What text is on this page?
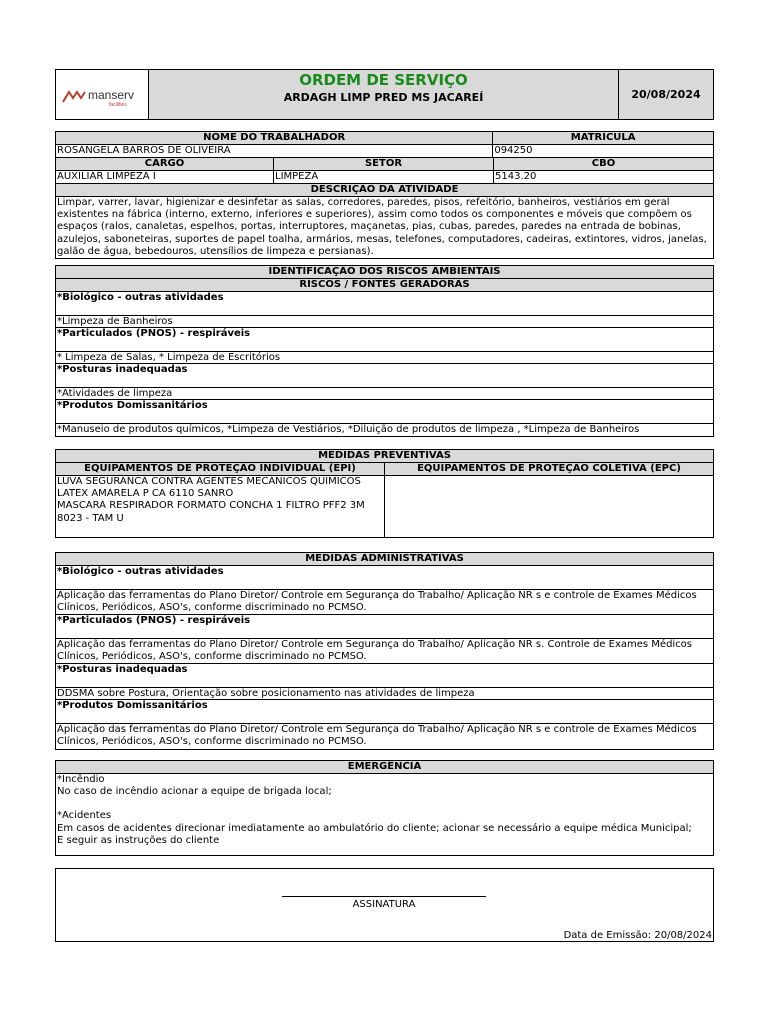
manserv
facilities
ORDEM DE SERVIÇO
ARDAGH LIMP PRED MS JACAREÍ	20/08/2024
NOME DO TRABALHADOR	MATRICULA
ROSANGELA BARROS DE OLIVEIRA	094250
CARGO	SETOR	CBO
AUXILIAR LIMPEZA I	LIMPEZA	5143.20
DESCRIÇÃO DA ATIVIDADE
Limpar, varrer, lavar, higienizar e desinfetar as salas, corredores, paredes, pisos, refeitório, banheiros, vestiários em geral existentes na fábrica (interno, externo, inferiores e superiores), assim como todos os componentes e móveis que compõem os espaços (ralos, canaletas, espelhos, portas, interruptores, maçanetas, pias, cubas, paredes, paredes na entrada de bobinas, azulejos, saboneteiras, suportes de papel toalha, armários, mesas, telefones, computadores, cadeiras, extintores, vidros, janelas, galão de água, bebedouros, utensílios de limpeza e persianas).
IDENTIFICAÇÃO DOS RISCOS AMBIENTAIS
RISCOS / FONTES GERADORAS
*Biológico - outras atividades
*Limpeza de Banheiros
*Particulados (PNOS) - respiráveis
* Limpeza de Salas, * Limpeza de Escritórios
*Posturas inadequadas
*Atividades de limpeza
*Produtos Domissanitários
*Manuseio de produtos químicos, *Limpeza de Vestiários, *Diluição de produtos de limpeza , *Limpeza de Banheiros
MEDIDAS PREVENTIVAS
EQUIPAMENTOS DE PROTEÇÃO INDIVIDUAL (EPI)	EQUIPAMENTOS DE PROTEÇÃO COLETIVA (EPC)
LUVA SEGURANCA CONTRA AGENTES MECANICOS QUIMICOS LATEX AMARELA P CA 6110 SANRO
MASCARA RESPIRADOR FORMATO CONCHA 1 FILTRO PFF2 3M 8023 - TAM U
MEDIDAS ADMINISTRATIVAS
*Biológico - outras atividades
Aplicação das ferramentas do Plano Diretor/ Controle em Segurança do Trabalho/ Aplicação NR s e controle de Exames Médicos Clínicos, Periódicos, ASO's, conforme discriminado no PCMSO.
*Particulados (PNOS) - respiráveis
Aplicação das ferramentas do Plano Diretor/ Controle em Segurança do Trabalho/ Aplicação NR s. Controle de Exames Médicos Clínicos, Periódicos, ASO's, conforme discriminado no PCMSO.
*Posturas inadequadas
DDSMA sobre Postura, Orientação sobre posicionamento nas atividades de limpeza
*Produtos Domissanitários
Aplicação das ferramentas do Plano Diretor/ Controle em Segurança do Trabalho/ Aplicação NR s e controle de Exames Médicos Clínicos, Periódicos, ASO's, conforme discriminado no PCMSO.
EMERGÊNCIA
*Incêndio
No caso de incêndio acionar a equipe de brigada local;
*Acidentes
Em casos de acidentes direcionar imediatamente ao ambulatório do cliente; acionar se necessário a equipe médica Municipal;
E seguir as instruções do cliente
ASSINATURA
Data de Emissão: 20/08/2024
